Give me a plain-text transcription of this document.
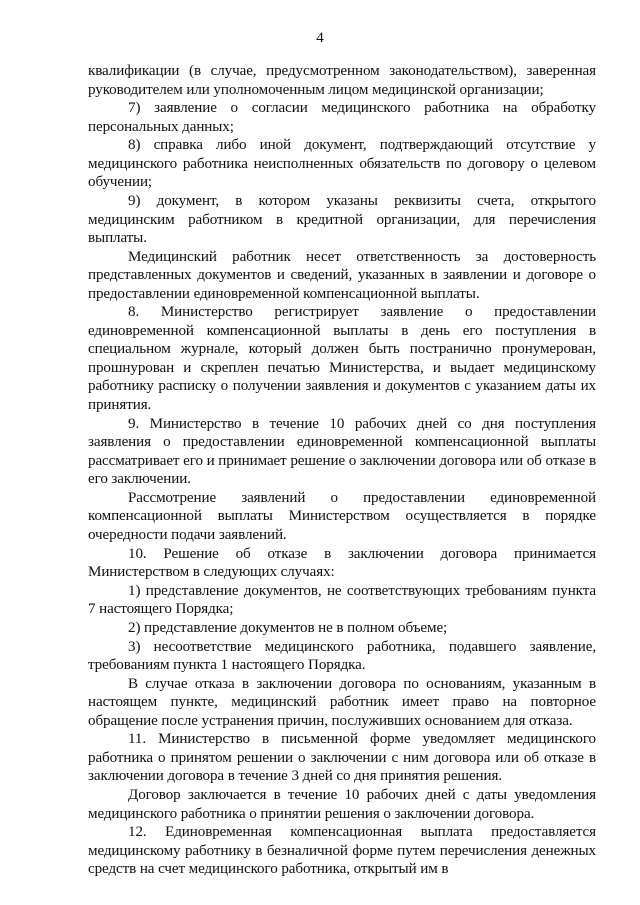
4

квалификации (в случае, предусмотренном законодательством), заверенная руководителем или уполномоченным лицом медицинской организации;

7) заявление о согласии медицинского работника на обработку персональных данных;

8) справка либо иной документ, подтверждающий отсутствие у медицинского работника неисполненных обязательств по договору о целевом обучении;

9) документ, в котором указаны реквизиты счета, открытого медицинским работником в кредитной организации, для перечисления выплаты.

Медицинский работник несет ответственность за достоверность представленных документов и сведений, указанных в заявлении и договоре о предоставлении единовременной компенсационной выплаты.

8. Министерство регистрирует заявление о предоставлении единовременной компенсационной выплаты в день его поступления в специальном журнале, который должен быть постранично пронумерован, прошнурован и скреплен печатью Министерства, и выдает медицинскому работнику расписку о получении заявления и документов с указанием даты их принятия.

9. Министерство в течение 10 рабочих дней со дня поступления заявления о предоставлении единовременной компенсационной выплаты рассматривает его и принимает решение о заключении договора или об отказе в его заключении.

Рассмотрение заявлений о предоставлении единовременной компенсационной выплаты Министерством осуществляется в порядке очередности подачи заявлений.

10. Решение об отказе в заключении договора принимается Министерством в следующих случаях:

1) представление документов, не соответствующих требованиям пункта 7 настоящего Порядка;

2) представление документов не в полном объеме;

3) несоответствие медицинского работника, подавшего заявление, требованиям пункта 1 настоящего Порядка.

В случае отказа в заключении договора по основаниям, указанным в настоящем пункте, медицинский работник имеет право на повторное обращение после устранения причин, послуживших основанием для отказа.

11. Министерство в письменной форме уведомляет медицинского работника о принятом решении о заключении с ним договора или об отказе в заключении договора в течение 3 дней со дня принятия решения.

Договор заключается в течение 10 рабочих дней с даты уведомления медицинского работника о принятии решения о заключении договора.

12. Единовременная компенсационная выплата предоставляется медицинскому работнику в безналичной форме путем перечисления денежных средств на счет медицинского работника, открытый им в
